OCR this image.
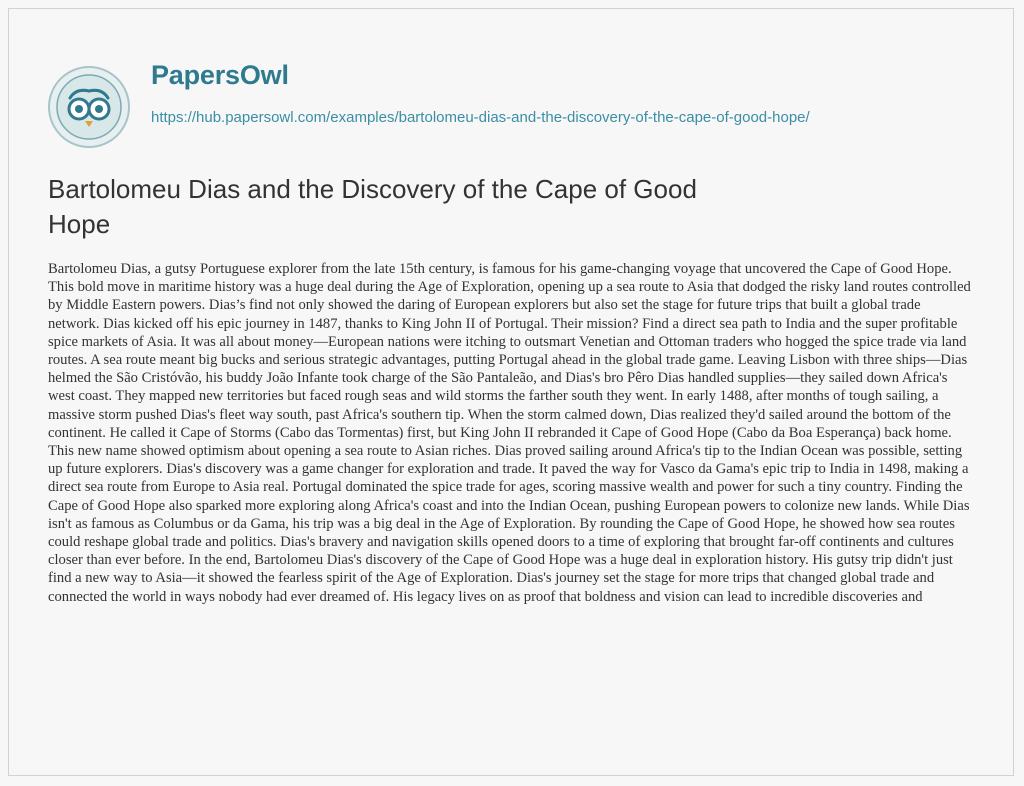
PapersOwl
https://hub.papersowl.com/examples/bartolomeu-dias-and-the-discovery-of-the-cape-of-good-hope/
Bartolomeu Dias and the Discovery of the Cape of Good Hope

Bartolomeu Dias, a gutsy Portuguese explorer from the late 15th century, is famous for his game-changing voyage that uncovered the Cape of Good Hope. This bold move in maritime history was a huge deal during the Age of Exploration, opening up a sea route to Asia that dodged the risky land routes controlled by Middle Eastern powers. Dias’s find not only showed the daring of European explorers but also set the stage for future trips that built a global trade network. Dias kicked off his epic journey in 1487, thanks to King John II of Portugal. Their mission? Find a direct sea path to India and the super profitable spice markets of Asia. It was all about money—European nations were itching to outsmart Venetian and Ottoman traders who hogged the spice trade via land routes. A sea route meant big bucks and serious strategic advantages, putting Portugal ahead in the global trade game. Leaving Lisbon with three ships—Dias helmed the São Cristóvão, his buddy João Infante took charge of the São Pantaleão, and Dias's bro Pêro Dias handled supplies—they sailed down Africa's west coast. They mapped new territories but faced rough seas and wild storms the farther south they went. In early 1488, after months of tough sailing, a massive storm pushed Dias's fleet way south, past Africa's southern tip. When the storm calmed down, Dias realized they'd sailed around the bottom of the continent. He called it Cape of Storms (Cabo das Tormentas) first, but King John II rebranded it Cape of Good Hope (Cabo da Boa Esperança) back home. This new name showed optimism about opening a sea route to Asian riches. Dias proved sailing around Africa's tip to the Indian Ocean was possible, setting up future explorers. Dias's discovery was a game changer for exploration and trade. It paved the way for Vasco da Gama's epic trip to India in 1498, making a direct sea route from Europe to Asia real. Portugal dominated the spice trade for ages, scoring massive wealth and power for such a tiny country. Finding the Cape of Good Hope also sparked more exploring along Africa's coast and into the Indian Ocean, pushing European powers to colonize new lands. While Dias isn't as famous as Columbus or da Gama, his trip was a big deal in the Age of Exploration. By rounding the Cape of Good Hope, he showed how sea routes could reshape global trade and politics. Dias's bravery and navigation skills opened doors to a time of exploring that brought far-off continents and cultures closer than ever before. In the end, Bartolomeu Dias's discovery of the Cape of Good Hope was a huge deal in exploration history. His gutsy trip didn't just find a new way to Asia—it showed the fearless spirit of the Age of Exploration. Dias's journey set the stage for more trips that changed global trade and connected the world in ways nobody had ever dreamed of. His legacy lives on as proof that boldness and vision can lead to incredible discoveries and
